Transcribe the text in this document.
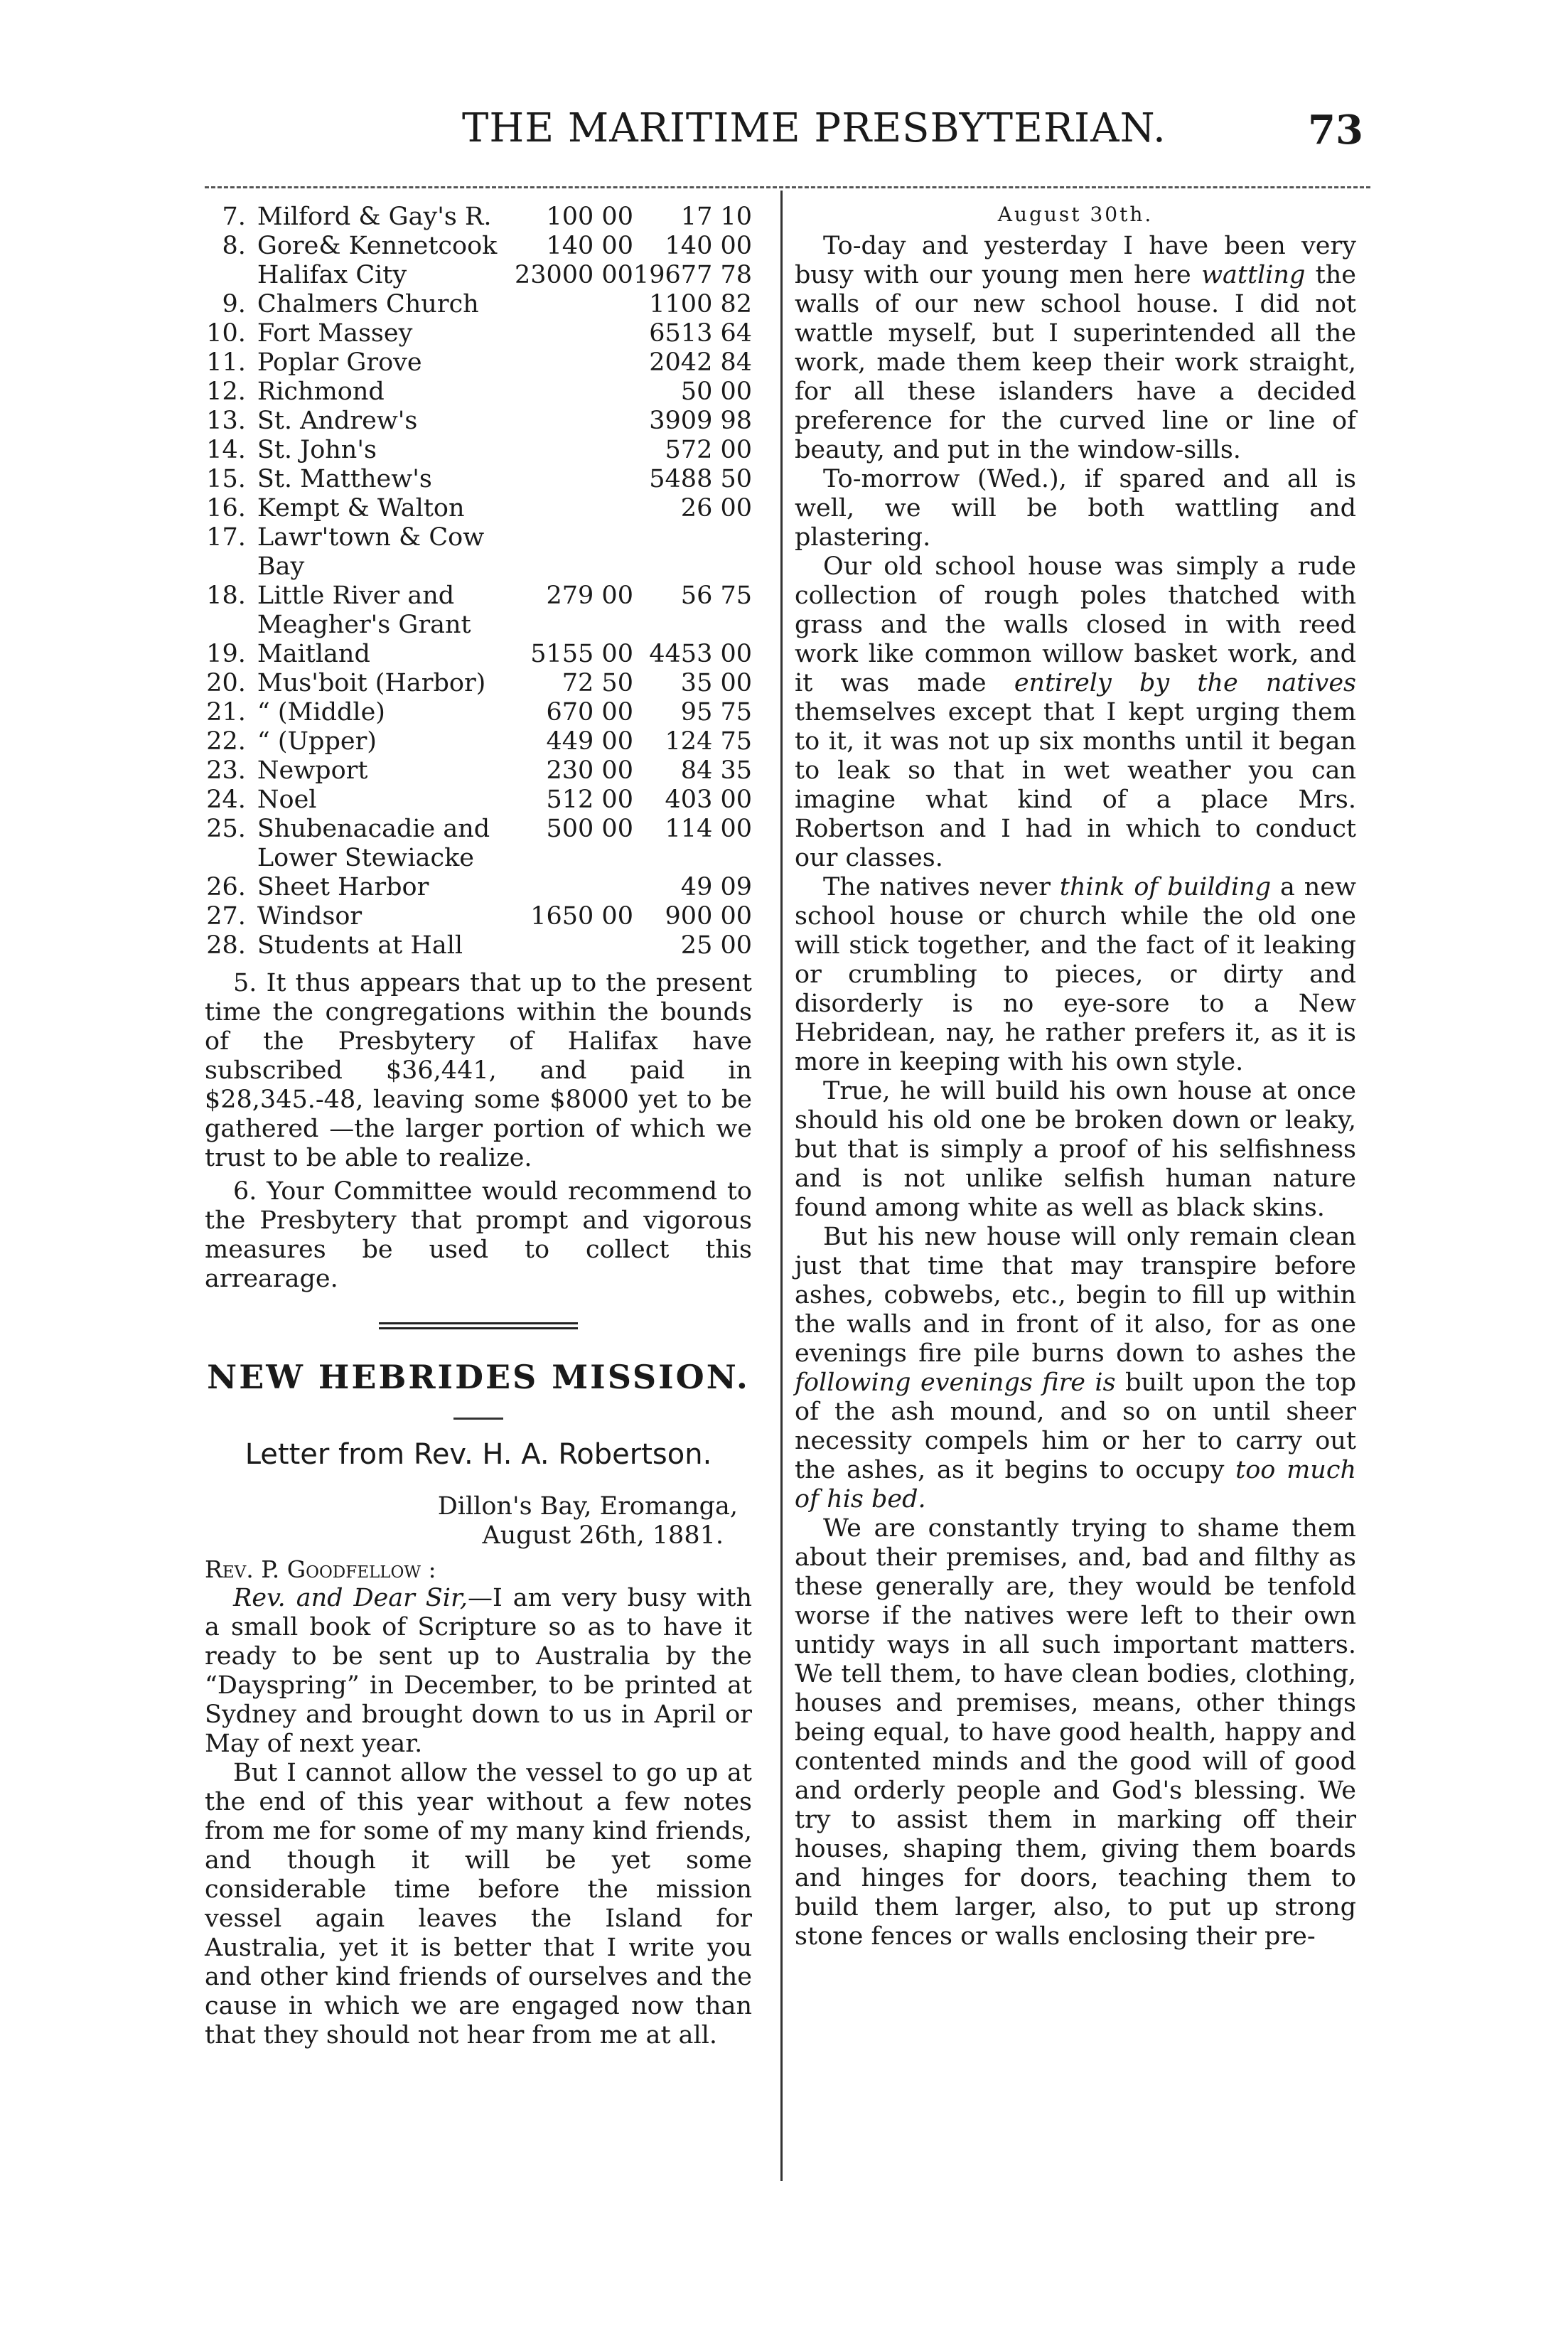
THE MARITIME PRESBYTERIAN.	73
7.	Milford & Gay's R.	100 00	17 10
8.	Gore& Kennetcook	140 00	140 00
	Halifax City	23000 00	19677 78
9.	Chalmers Church		1100 82
10.	Fort Massey		6513 64
11.	Poplar Grove		2042 84
12.	Richmond		50 00
13.	St. Andrew's		3909 98
14.	St. John's		572 00
15.	St. Matthew's		5488 50
16.	Kempt & Walton		26 00
17.	Lawr'town & Cow Bay		
18.	Little River and Meagher's Grant	279 00	56 75
19.	Maitland	5155 00	4453 00
20.	Mus'boit (Harbor)	72 50	35 00
21.	“ (Middle)	670 00	95 75
22.	“ (Upper)	449 00	124 75
23.	Newport	230 00	84 35
24.	Noel	512 00	403 00
25.	Shubenacadie and Lower Stewiacke	500 00	114 00
26.	Sheet Harbor		49 09
27.	Windsor	1650 00	900 00
28.	Students at Hall		25 00

5. It thus appears that up to the present time the congregations within the bounds of the Presbytery of Halifax have subscribed $36,441, and paid in $28,345.-48, leaving some $8000 yet to be gathered —the larger portion of which we trust to be able to realize.

6. Your Committee would recommend to the Presbytery that prompt and vigorous measures be used to collect this arrearage.

NEW HEBRIDES MISSION.
Letter from Rev. H. A. Robertson.
Dillon's Bay, Eromanga,
August 26th, 1881.
Rev. P. Goodfellow :

Rev. and Dear Sir,—I am very busy with a small book of Scripture so as to have it ready to be sent up to Australia by the “Dayspring” in December, to be printed at Sydney and brought down to us in April or May of next year.

But I cannot allow the vessel to go up at the end of this year without a few notes from me for some of my many kind friends, and though it will be yet some considerable time before the mission vessel again leaves the Island for Australia, yet it is better that I write you and other kind friends of ourselves and the cause in which we are engaged now than that they should not hear from me at all.

August 30th.

To-day and yesterday I have been very busy with our young men here wattling the walls of our new school house. I did not wattle myself, but I superintended all the work, made them keep their work straight, for all these islanders have a decided preference for the curved line or line of beauty, and put in the window-sills.

To-morrow (Wed.), if spared and all is well, we will be both wattling and plastering.

Our old school house was simply a rude collection of rough poles thatched with grass and the walls closed in with reed work like common willow basket work, and it was made entirely by the natives themselves except that I kept urging them to it, it was not up six months until it began to leak so that in wet weather you can imagine what kind of a place Mrs. Robertson and I had in which to conduct our classes.

The natives never think of building a new school house or church while the old one will stick together, and the fact of it leaking or crumbling to pieces, or dirty and disorderly is no eye-sore to a New Hebridean, nay, he rather prefers it, as it is more in keeping with his own style.

True, he will build his own house at once should his old one be broken down or leaky, but that is simply a proof of his selfishness and is not unlike selfish human nature found among white as well as black skins.

But his new house will only remain clean just that time that may transpire before ashes, cobwebs, etc., begin to fill up within the walls and in front of it also, for as one evenings fire pile burns down to ashes the following evenings fire is built upon the top of the ash mound, and so on until sheer necessity compels him or her to carry out the ashes, as it begins to occupy too much of his bed.

We are constantly trying to shame them about their premises, and, bad and filthy as these generally are, they would be tenfold worse if the natives were left to their own untidy ways in all such important matters. We tell them, to have clean bodies, clothing, houses and premises, means, other things being equal, to have good health, happy and contented minds and the good will of good and orderly people and God's blessing. We try to assist them in marking off their houses, shaping them, giving them boards and hinges for doors, teaching them to build them larger, also, to put up strong stone fences or walls enclosing their pre-
